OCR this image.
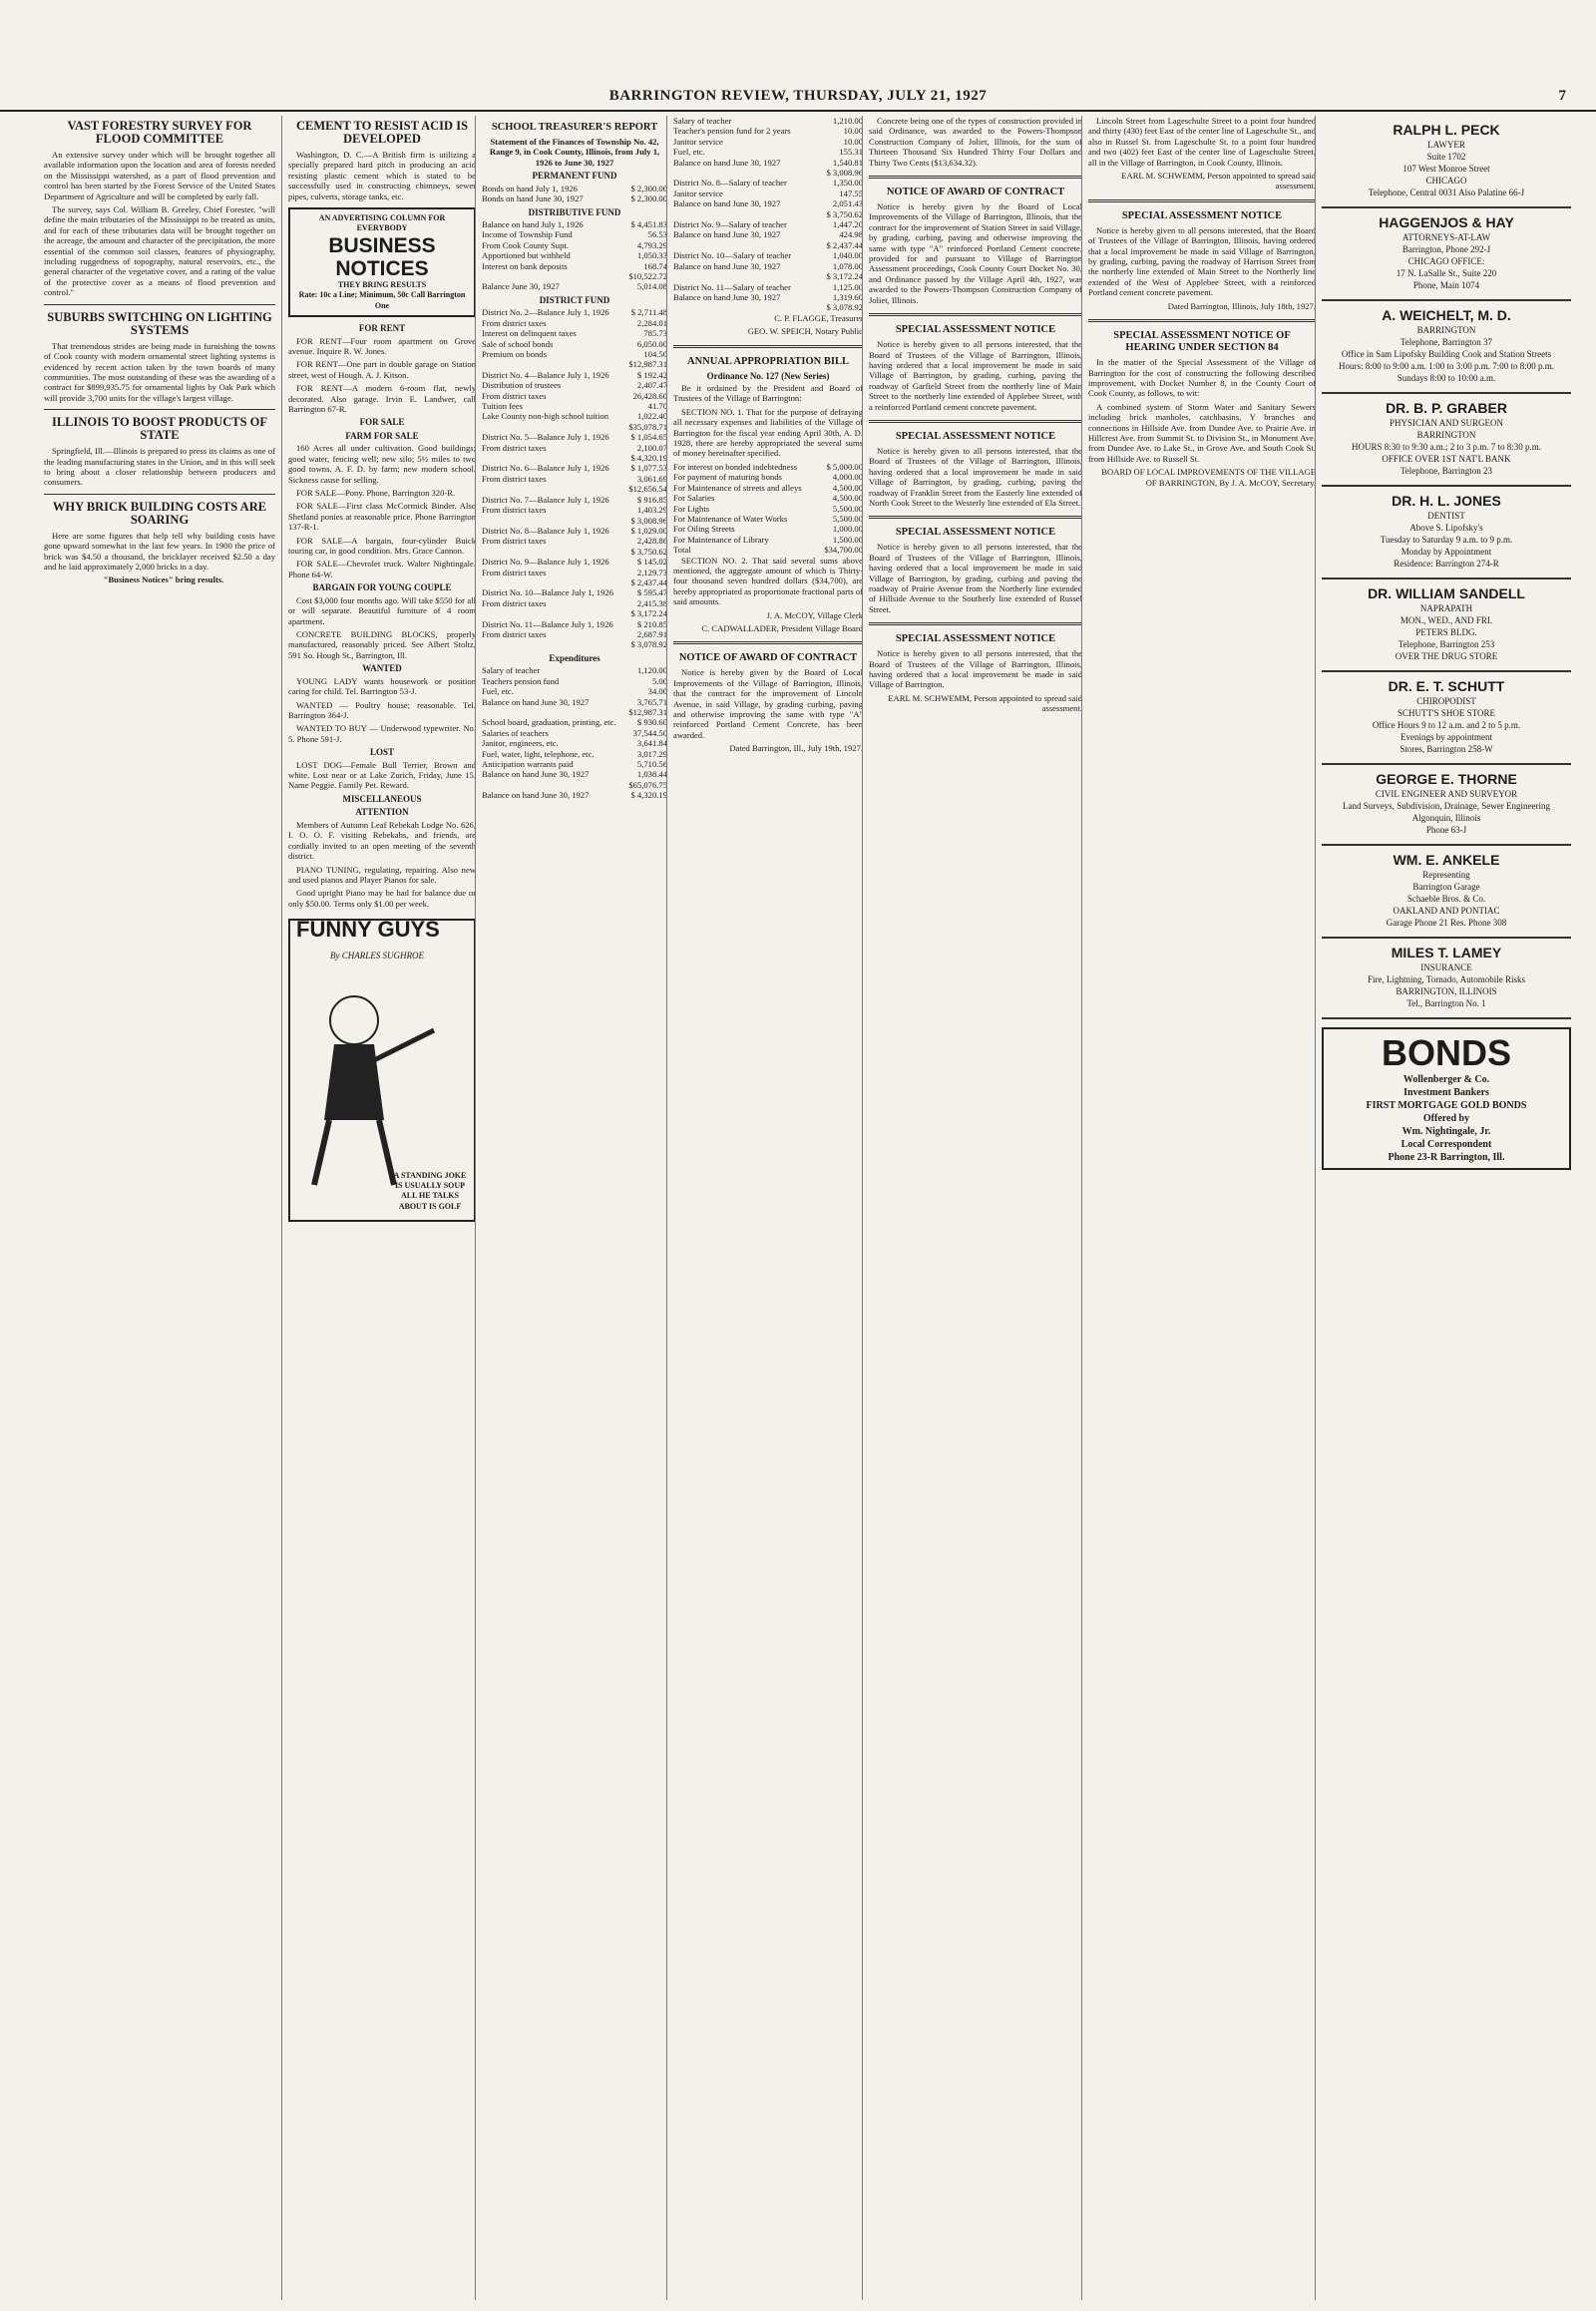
BARRINGTON REVIEW, THURSDAY, JULY 21, 1927	7
VAST FORESTRY SURVEY FOR FLOOD COMMITTEE

An extensive survey under which will be brought together all available information upon the location and area of forests needed on the Mississippi watershed, as a part of flood prevention and control has been started by the Forest Service of the United States Department of Agriculture and will be completed by early fall.

The survey, says Col. William B. Greeley, Chief Forester, "will define the main tributaries of the Mississippi to be treated as units, and for each of these tributaries data will be brought together on the acreage, the amount and character of the precipitation, the more essential of the common soil classes, features of physiography, including ruggedness of topography, natural reservoirs, etc., the general character of the vegetative cover, and a rating of the value of the protective cover as a means of flood prevention and control."

SUBURBS SWITCHING ON LIGHTING SYSTEMS

That tremendous strides are being made in furnishing the towns of Cook county with modern ornamental street lighting systems is evidenced by recent action taken by the town boards of many communities. The most outstanding of these was the awarding of a contract for $899,935.75 for ornamental lights by Oak Park which will provide 3,700 units for the village's largest village.

ILLINOIS TO BOOST PRODUCTS OF STATE

Springfield, Ill.—Illinois is prepared to press its claims as one of the leading manufacturing states in the Union, and in this will seek to bring about a closer relationship between producers and consumers.

WHY BRICK BUILDING COSTS ARE SOARING

Here are some figures that help tell why building costs have gone upward somewhat in the last few years. In 1900 the price of brick was $4.50 a thousand, the bricklayer received $2.50 a day and he laid approximately 2,000 bricks in a day.

"Business Notices" bring results.

CEMENT TO RESIST ACID IS DEVELOPED

Washington, D. C.—A British firm is utilizing a specially prepared hard pitch in producing an acid resisting plastic cement which is stated to be successfully used in constructing chimneys, sewer pipes, culverts, storage tanks, etc.

AN ADVERTISING COLUMN FOR EVERYBODY
BUSINESS NOTICES
THEY BRING RESULTS
Rate: 10c a Line; Minimum, 50c Call Barrington One
FOR RENT

FOR RENT—Four room apartment on Grove avenue. Inquire R. W. Jones.

FOR RENT—One part in double garage on Station street, west of Hough. A. J. Kitson.

FOR RENT—A modern 6-room flat, newly decorated. Also garage. Irvin E. Landwer, call Barrington 67-R.

FOR SALE
FARM FOR SALE

160 Acres all under cultivation. Good buildings; good water, fencing well; new silo; 5½ miles to two good towns. A. F. D. by farm; new modern school. Sickness cause for selling.

FOR SALE—Pony. Phone, Barrington 320-R.

FOR SALE—First class McCormick Binder. Also Shetland ponies at reasonable price. Phone Barrington 137-R-1.

FOR SALE—A bargain, four-cylinder Buick touring car, in good condition. Mrs. Grace Cannon.

FOR SALE—Chevrolet truck. Walter Nightingale. Phone 64-W.

BARGAIN FOR YOUNG COUPLE

Cost $3,000 four months ago. Will take $550 for all or will separate. Beautiful furniture of 4 room apartment.

CONCRETE BUILDING BLOCKS, properly manufactured, reasonably priced. See Albert Stoltz, 591 So. Hough St., Barrington, Ill.

WANTED

YOUNG LADY wants housework or position caring for child. Tel. Barrington 53-J.

WANTED — Poultry house; reasonable. Tel. Barrington 364-J.

WANTED TO BUY — Underwood typewriter. No. 5. Phone 591-J.

LOST

LOST DOG—Female Bull Terrier, Brown and white. Lost near or at Lake Zurich, Friday, June 15. Name Peggie. Family Pet. Reward.

MISCELLANEOUS
ATTENTION

Members of Autumn Leaf Rebekah Lodge No. 626, I. O. O. F. visiting Rebekahs, and friends, are cordially invited to an open meeting of the seventh district.

PIANO TUNING, regulating, repairing. Also new and used pianos and Player Pianos for sale.

Good upright Piano may be had for balance due or only $50.00. Terms only $1.00 per week.

FUNNY GUYS
By CHARLES SUGHROE
A STANDING JOKE IS USUALLY SOUP ALL HE TALKS ABOUT IS GOLF
SCHOOL TREASURER'S REPORT

Statement of the Finances of Township No. 42, Range 9, in Cook County, Illinois, from July 1, 1926 to June 30, 1927

PERMANENT FUND
Bonds on hand July 1, 1926	$ 2,300.00
Bonds on hand June 30, 1927	$ 2,300.00
DISTRIBUTIVE FUND
Balance on hand July 1, 1926	$ 4,451.83
Income of Township Fund	56.53
From Cook County Supt.	4,793.29
Apportioned but withheld	1,050.33
Interest on bank deposits	168.74
$10,522.72
Balance June 30, 1927	5,014.08
DISTRICT FUND
District No. 2—Balance July 1, 1926	$ 2,711.48
From district taxes	2,284.01
Interest on delinquent taxes	785.73
Sale of school bonds	6,050.00
Premium on bonds	104.50
$12,987.31
District No. 4—Balance July 1, 1926	$ 192.42
Distribution of trustees	2,407.47
From district taxes	26,428.60
Tuition fees	41.70
Lake County non-high school tuition	1,022.40
$35,078.71
District No. 5—Balance July 1, 1926	$ 1,054.65
From district taxes	2,100.07
$ 4,320.19
District No. 6—Balance July 1, 1926	$ 1,077.53
From district taxes	3,061.69
$12,656.54
District No. 7—Balance July 1, 1926	$ 916.85
From district taxes	1,403.29
$ 3,008.96
District No. 8—Balance July 1, 1926	$ 1,029.00
From district taxes	2,428.86
$ 3,750.62
District No. 9—Balance July 1, 1926	$ 145.02
From district taxes	2,129.73
$ 2,437.44
District No. 10—Balance July 1, 1926	$ 595.47
From district taxes	2,415.38
$ 3,172.24
District No. 11—Balance July 1, 1926	$ 210.85
From district taxes	2,687.91
$ 3,078.92
Expenditures
Salary of teacher	1,120.00
Teachers pension fund	5.00
Fuel, etc.	34.00
Balance on hand June 30, 1927	3,765.71
$12,987.31
School board, graduation, printing, etc. $ 930.60
Salaries of teachers	37,544.50
Janitor, engineers, etc.	3,641.84
Fuel, water, light, telephone, etc.	3,017.29
Anticipation warrants paid	5,710.56
Balance on hand June 30, 1927	1,038.44
$65,076.75
Balance on hand June 30, 1927	$ 4,320.19
Salary of teacher	1,210.00
Teacher's pension fund for 2 years	10.00
Janitor service	10.00
Fuel, etc.	155.31
Balance on hand June 30, 1927	1,540.81
$ 3,008.96
District No. 8—Salary of teacher	1,350.00
Janitor service	147.55
Balance on hand June 30, 1927	2,051.43
$ 3,750.62
District No. 9—Salary of teacher	1,447.20
Balance on hand June 30, 1927	424.98
$ 2,437.44
District No. 10—Salary of teacher	1,040.00
Balance on hand June 30, 1927	1,078.00
$ 3,172.24
District No. 11—Salary of teacher	1,125.00
Balance on hand June 30, 1927	1,319.60
$ 3,078.92

C. P. FLAGGE, Treasurer

GEO. W. SPEICH, Notary Public

ANNUAL APPROPRIATION BILL
Ordinance No. 127 (New Series)

Be it ordained by the President and Board of Trustees of the Village of Barrington:

SECTION NO. 1. That for the purpose of defraying all necessary expenses and liabilities of the Village of Barrington for the fiscal year ending April 30th, A. D. 1928, there are hereby appropriated the several sums of money hereinafter specified.

For interest on bonded indebtedness	$ 5,000.00
For payment of maturing bonds	4,000.00
For Maintenance of streets and alleys	4,500.00
For Salaries	4,500.00
For Lights	5,500.00
For Maintenance of Water Works	5,500.00
For Oiling Streets	1,000.00
For Maintenance of Library	1,500.00
Total	$34,700.00

SECTION NO. 2. That said several sums above mentioned, the aggregate amount of which is Thirty-four thousand seven hundred dollars ($34,700), are hereby appropriated as proportionate fractional parts of said amounts.

J. A. McCOY, Village Clerk

C. CADWALLADER, President Village Board

NOTICE OF AWARD OF CONTRACT

Notice is hereby given by the Board of Local Improvements of the Village of Barrington, Illinois, that the contract for the improvement of Lincoln Avenue, in said Village, by grading curbing, paving and otherwise improving the same with type "A" reinforced Portland Cement Concrete, has been awarded.

Dated Barrington, Ill., July 19th, 1927.

Concrete being one of the types of construction provided in said Ordinance, was awarded to the Powers-Thompson Construction Company of Joliet, Illinois, for the sum of Thirteen Thousand Six Hundred Thirty Four Dollars and Thirty Two Cents ($13,634.32).

NOTICE OF AWARD OF CONTRACT

Notice is hereby given by the Board of Local Improvements of the Village of Barrington, Illinois, that the contract for the improvement of Station Street in said Village, by grading, curbing, paving and otherwise improving the same with type "A" reinforced Portland Cement concrete, provided for and pursuant to Village of Barrington Assessment proceedings, Cook County Court Docket No. 30, and Ordinance passed by the Village April 4th, 1927, was awarded to the Powers-Thompson Construction Company of Joliet, Illinois.

SPECIAL ASSESSMENT NOTICE

Notice is hereby given to all persons interested, that the Board of Trustees of the Village of Barrington, Illinois, having ordered that a local improvement be made in said Village of Barrington, by grading, curbing, paving the roadway of Garfield Street from the northerly line of Main Street to the northerly line extended of Applebee Street, with a reinforced Portland cement concrete pavement.

SPECIAL ASSESSMENT NOTICE

Notice is hereby given to all persons interested, that the Board of Trustees of the Village of Barrington, Illinois, having ordered that a local improvement be made in said Village of Barrington, by grading, curbing, paving the roadway of Franklin Street from the Easterly line extended of North Cook Street to the Westerly line extended of Ela Street.

SPECIAL ASSESSMENT NOTICE

Notice is hereby given to all persons interested, that the Board of Trustees of the Village of Barrington, Illinois, having ordered that a local improvement be made in said Village of Barrington, by grading, curbing and paving the roadway of Prairie Avenue from the Northerly line extended of Hillside Avenue to the Southerly line extended of Russel Street.

SPECIAL ASSESSMENT NOTICE

Notice is hereby given to all persons interested, that the Board of Trustees of the Village of Barrington, Illinois, having ordered that a local improvement be made in said Village of Barrington.

EARL M. SCHWEMM, Person appointed to spread said assessment.

Lincoln Street from Lageschulte Street to a point four hundred and thirty (430) feet East of the center line of Lageschulte St., and also in Russel St. from Lageschulte St. to a point four hundred and two (402) feet East of the center line of Lageschulte Street, all in the Village of Barrington, in Cook County, Illinois.

EARL M. SCHWEMM, Person appointed to spread said assessment.

SPECIAL ASSESSMENT NOTICE

Notice is hereby given to all persons interested, that the Board of Trustees of the Village of Barrington, Illinois, having ordered that a local improvement be made in said Village of Barrington, by grading, curbing, paving the roadway of Harrison Street from the northerly line extended of Main Street to the Northerly line extended of the West of Applebee Street, with a reinforced Portland cement concrete pavement.

Dated Barrington, Illinois, July 18th, 1927.

SPECIAL ASSESSMENT NOTICE OF HEARING UNDER SECTION 84

In the matter of the Special Assessment of the Village of Barrington for the cost of constructing the following described improvement, with Docket Number 8, in the County Court of Cook County, as follows, to wit:

A combined system of Storm Water and Sanitary Sewers including brick manholes, catchbasins, Y branches and connections in Hillside Ave. from Dundee Ave. to Prairie Ave. in Hillcrest Ave. from Summit St. to Division St., in Monument Ave. from Dundee Ave. to Lake St., in Grove Ave. and South Cook St. from Hillside Ave. to Russell St.

BOARD OF LOCAL IMPROVEMENTS OF THE VILLAGE OF BARRINGTON, By J. A. McCOY, Secretary.

RALPH L. PECK
LAWYER
Suite 1702
107 West Monroe Street
CHICAGO
Telephone, Central 0031 Also Palatine 66-J
HAGGENJOS & HAY
ATTORNEYS-AT-LAW
Barrington, Phone 292-J
CHICAGO OFFICE:
17 N. LaSalle St., Suite 220
Phone, Main 1074
A. WEICHELT, M. D.
BARRINGTON
Telephone, Barrington 37
Office in Sam Lipofsky Building Cook and Station Streets
Hours: 8:00 to 9:00 a.m. 1:00 to 3:00 p.m. 7:00 to 8:00 p.m.
Sundays 8:00 to 10:00 a.m.
DR. B. P. GRABER
PHYSICIAN AND SURGEON
BARRINGTON
HOURS 8:30 to 9:30 a.m.; 2 to 3 p.m. 7 to 8:30 p.m.
OFFICE OVER 1ST NAT'L BANK
Telephone, Barrington 23
DR. H. L. JONES
DENTIST
Above S. Lipofsky's
Tuesday to Saturday 9 a.m. to 9 p.m.
Monday by Appointment
Residence: Barrington 274-R
DR. WILLIAM SANDELL
NAPRAPATH
MON., WED., AND FRI.
PETERS BLDG.
Telephone, Barrington 253
OVER THE DRUG STORE
DR. E. T. SCHUTT
CHIROPODIST
SCHUTT'S SHOE STORE
Office Hours 9 to 12 a.m. and 2 to 5 p.m.
Evenings by appointment
Stores, Barrington 258-W
GEORGE E. THORNE
CIVIL ENGINEER AND SURVEYOR
Land Surveys, Subdivision, Drainage, Sewer Engineering
Algonquin, Illinois
Phone 63-J
WM. E. ANKELE
Representing
Barrington Garage
Schaeble Bros. & Co.
OAKLAND AND PONTIAC
Garage Phone 21 Res. Phone 308
MILES T. LAMEY
INSURANCE
Fire, Lightning, Tornado, Automobile Risks
BARRINGTON, ILLINOIS
Tel., Barrington No. 1
BONDS
Wollenberger & Co.
Investment Bankers
FIRST MORTGAGE GOLD BONDS
Offered by
Wm. Nightingale, Jr.
Local Correspondent
Phone 23-R Barrington, Ill.
